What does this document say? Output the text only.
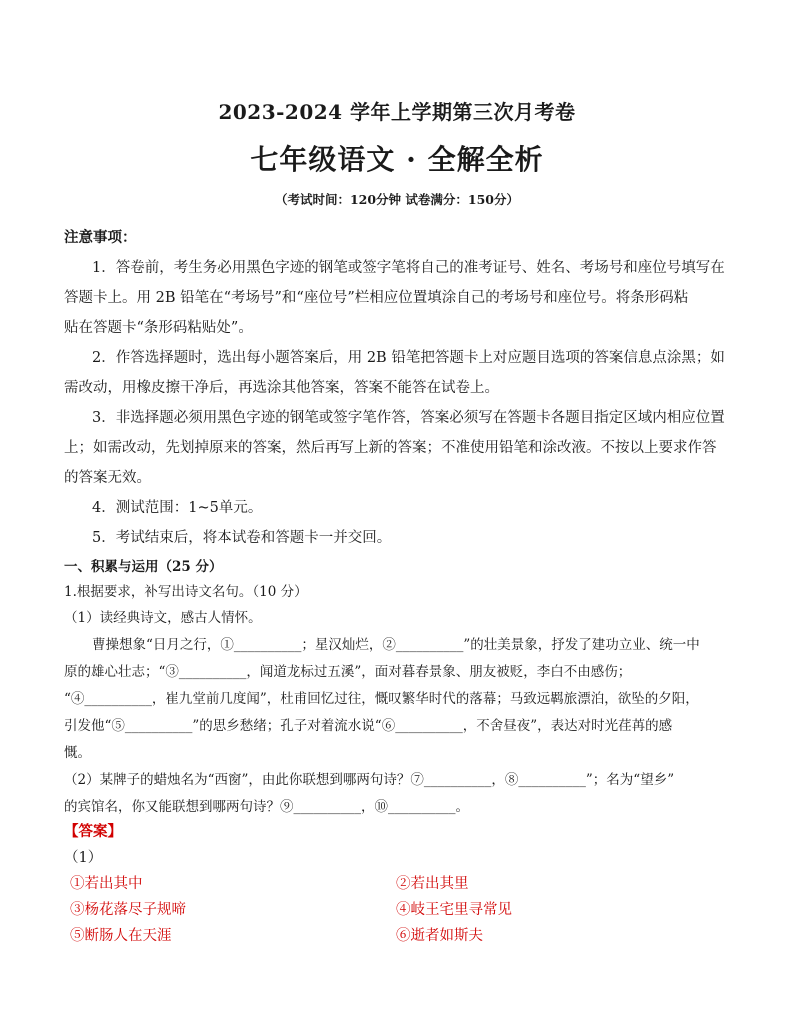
2023-2024 学年上学期第三次月考卷
七年级语文 · 全解全析
（考试时间：120分钟 试卷满分：150分）
注意事项：
1．答卷前，考生务必用黑色字迹的钢笔或签字笔将自己的准考证号、姓名、考场号和座位号填写在
答题卡上。用 2B 铅笔在“考场号”和“座位号”栏相应位置填涂自己的考场号和座位号。将条形码粘
贴在答题卡“条形码粘贴处”。
2．作答选择题时，选出每小题答案后，用 2B 铅笔把答题卡上对应题目选项的答案信息点涂黑；如
需改动，用橡皮擦干净后，再选涂其他答案，答案不能答在试卷上。
3．非选择题必须用黑色字迹的钢笔或签字笔作答，答案必须写在答题卡各题目指定区域内相应位置
上；如需改动，先划掉原来的答案，然后再写上新的答案；不准使用铅笔和涂改液。不按以上要求作答
的答案无效。
4．测试范围：1~5单元。
5．考试结束后，将本试卷和答题卡一并交回。
一、积累与运用（25 分）
1.根据要求，补写出诗文名句。（10 分）
（1）读经典诗文，感古人情怀。
曹操想象“日月之行，①__________；星汉灿烂，②__________”的壮美景象，抒发了建功立业、统一中
原的雄心壮志；“③__________，闻道龙标过五溪”，面对暮春景象、朋友被贬，李白不由感伤；
“④__________，崔九堂前几度闻”，杜甫回忆过往，慨叹繁华时代的落幕；马致远羁旅漂泊，欲坠的夕阳，
引发他“⑤__________”的思乡愁绪；孔子对着流水说“⑥__________，不舍昼夜”，表达对时光荏苒的感
慨。
（2）某牌子的蜡烛名为“西窗”，由此你联想到哪两句诗？⑦__________，⑧__________”；名为“望乡”
的宾馆名，你又能联想到哪两句诗？⑨__________，⑩__________。
【答案】
（1）
①若出其中	②若出其里
③杨花落尽子规啼	④岐王宅里寻常见
⑤断肠人在天涯	⑥逝者如斯夫
